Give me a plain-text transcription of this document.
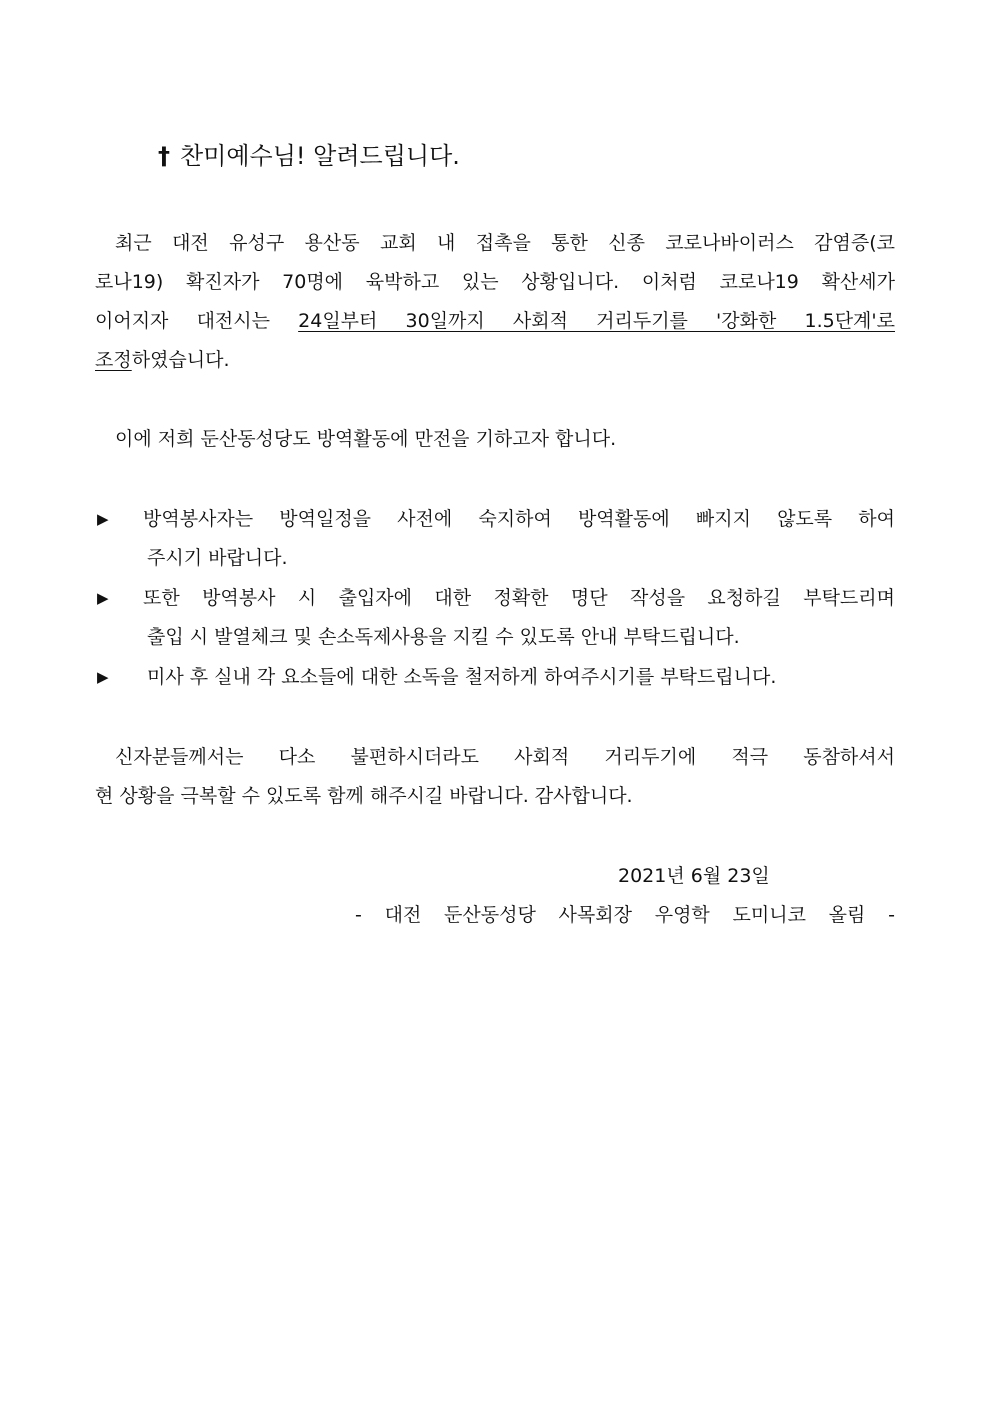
† 찬미예수님! 알려드립니다.
최근 대전 유성구 용산동 교회 내 접촉을 통한 신종 코로나바이러스 감염증(코
로나19) 확진자가 70명에 육박하고 있는 상황입니다. 이처럼 코로나19 확산세가
이어지자 대전시는 24일부터 30일까지 사회적 거리두기를 '강화한 1.5단계'로
조정하였습니다.
이에 저희 둔산동성당도 방역활동에 만전을 기하고자 합니다.
▶	방역봉사자는 방역일정을 사전에 숙지하여 방역활동에 빠지지 않도록 하여
주시기 바랍니다.
▶	또한 방역봉사 시 출입자에 대한 정확한 명단 작성을 요청하길 부탁드리며
출입 시 발열체크 및 손소독제사용을 지킬 수 있도록 안내 부탁드립니다.
▶	미사 후 실내 각 요소들에 대한 소독을 철저하게 하여주시기를 부탁드립니다.
신자분들께서는 다소 불편하시더라도 사회적 거리두기에 적극 동참하셔서
현 상황을 극복할 수 있도록 함께 해주시길 바랍니다. 감사합니다.
2021년 6월 23일
- 대전 둔산동성당 사목회장 우영학 도미니코 올림 -
